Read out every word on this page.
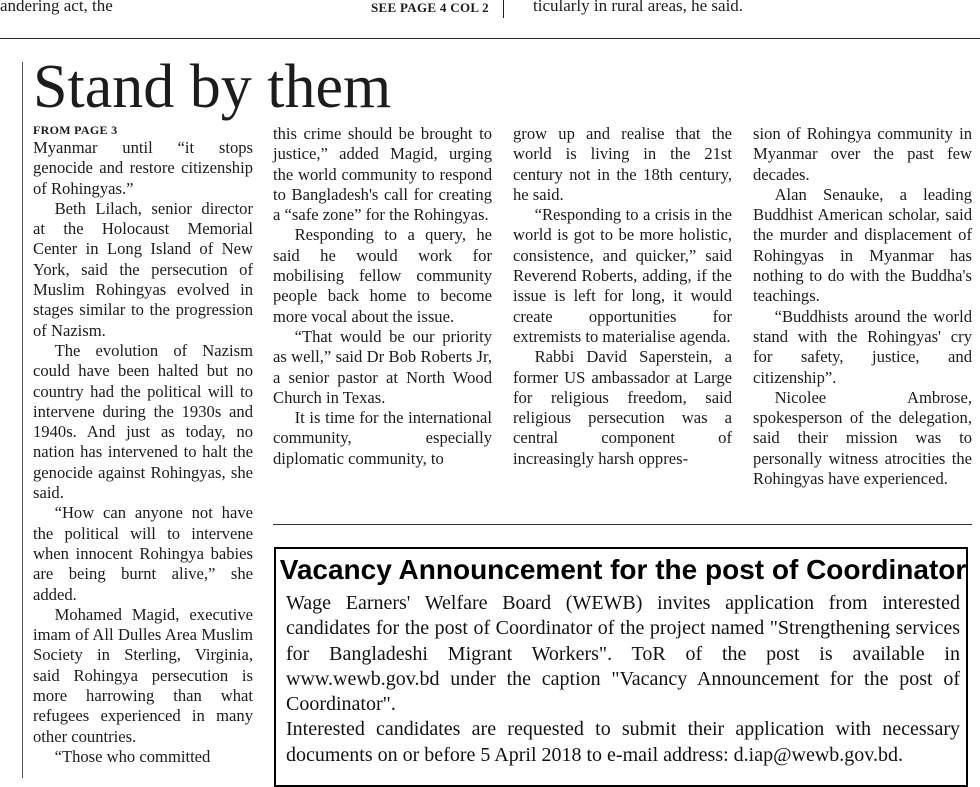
andering act, the	SEE PAGE 4 COL 2	ticularly in rural areas, he said.
Stand by them
FROM PAGE 3

Myanmar until “it stops genocide and restore citizenship of Rohingyas.”

Beth Lilach, senior director at the Holocaust Memorial Center in Long Island of New York, said the persecution of Muslim Rohingyas evolved in stages similar to the progression of Nazism.

The evolution of Nazism could have been halted but no country had the political will to intervene during the 1930s and 1940s. And just as today, no nation has intervened to halt the genocide against Rohingyas, she said.

“How can anyone not have the political will to intervene when innocent Rohingya babies are being burnt alive,” she added.

Mohamed Magid, executive imam of All Dulles Area Muslim Society in Sterling, Virginia, said Rohingya persecution is more harrowing than what refugees experienced in many other countries.

“Those who committed

this crime should be brought to justice,” added Magid, urging the world community to respond to Bangladesh's call for creating a “safe zone” for the Rohingyas.

Responding to a query, he said he would work for mobilising fellow community people back home to become more vocal about the issue.

“That would be our priority as well,” said Dr Bob Roberts Jr, a senior pastor at North Wood Church in Texas.

It is time for the international community, especially diplomatic community, to

grow up and realise that the world is living in the 21st century not in the 18th century, he said.

“Responding to a crisis in the world is got to be more holistic, consistence, and quicker,” said Reverend Roberts, adding, if the issue is left for long, it would create opportunities for extremists to materialise agenda.

Rabbi David Saperstein, a former US ambassador at Large for religious freedom, said religious persecution was a central component of increasingly harsh oppres-

sion of Rohingya community in Myanmar over the past few decades.

Alan Senauke, a leading Buddhist American scholar, said the murder and displacement of Rohingyas in Myanmar has nothing to do with the Buddha's teachings.

“Buddhists around the world stand with the Rohingyas' cry for safety, justice, and citizenship”.

Nicolee Ambrose, spokesperson of the delegation, said their mission was to personally witness atrocities the Rohingyas have experienced.

Vacancy Announcement for the post of Coordinator

Wage Earners' Welfare Board (WEWB) invites application from interested candidates for the post of Coordinator of the project named "Strengthening services for Bangladeshi Migrant Workers". ToR of the post is available in www.wewb.gov.bd under the caption "Vacancy Announcement for the post of Coordinator".

Interested candidates are requested to submit their application with necessary documents on or before 5 April 2018 to e-mail address: d.iap@wewb.gov.bd.
